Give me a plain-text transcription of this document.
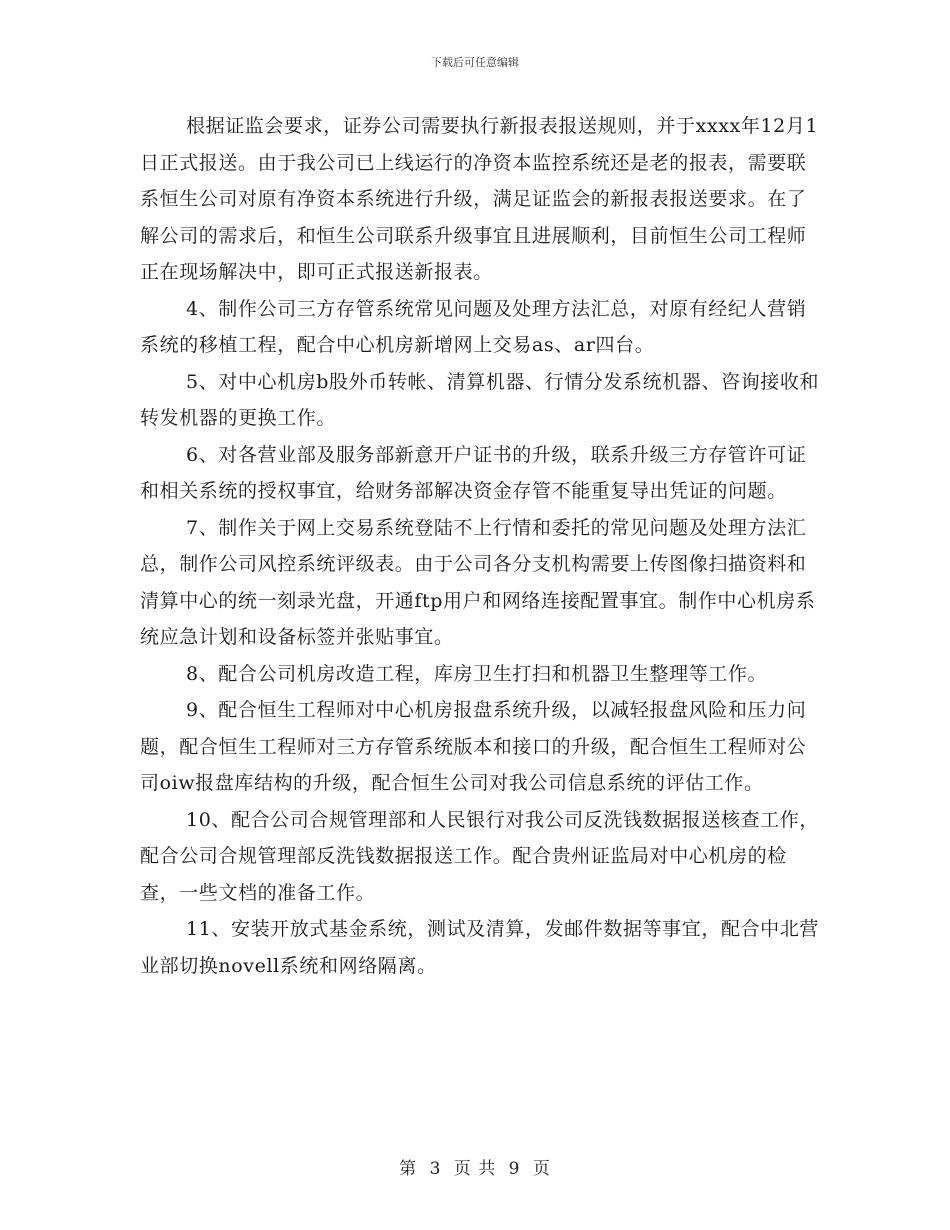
下载后可任意编辑

根据证监会要求，证券公司需要执行新报表报送规则，并于xxxx年12月1日正式报送。由于我公司已上线运行的净资本监控系统还是老的报表，需要联系恒生公司对原有净资本系统进行升级，满足证监会的新报表报送要求。在了解公司的需求后，和恒生公司联系升级事宜且进展顺利，目前恒生公司工程师正在现场解决中，即可正式报送新报表。

4、制作公司三方存管系统常见问题及处理方法汇总，对原有经纪人营销系统的移植工程，配合中心机房新增网上交易as、ar四台。

5、对中心机房b股外币转帐、清算机器、行情分发系统机器、咨询接收和转发机器的更换工作。

6、对各营业部及服务部新意开户证书的升级，联系升级三方存管许可证和相关系统的授权事宜，给财务部解决资金存管不能重复导出凭证的问题。

7、制作关于网上交易系统登陆不上行情和委托的常见问题及处理方法汇总，制作公司风控系统评级表。由于公司各分支机构需要上传图像扫描资料和清算中心的统一刻录光盘，开通ftp用户和网络连接配置事宜。制作中心机房系统应急计划和设备标签并张贴事宜。

8、配合公司机房改造工程，库房卫生打扫和机器卫生整理等工作。

9、配合恒生工程师对中心机房报盘系统升级，以减轻报盘风险和压力问题，配合恒生工程师对三方存管系统版本和接口的升级，配合恒生工程师对公司oiw报盘库结构的升级，配合恒生公司对我公司信息系统的评估工作。

10、配合公司合规管理部和人民银行对我公司反洗钱数据报送核查工作，配合公司合规管理部反洗钱数据报送工作。配合贵州证监局对中心机房的检查，一些文档的准备工作。

11、安装开放式基金系统，测试及清算，发邮件数据等事宜，配合中北营业部切换novell系统和网络隔离。

第 3 页 共 9 页
